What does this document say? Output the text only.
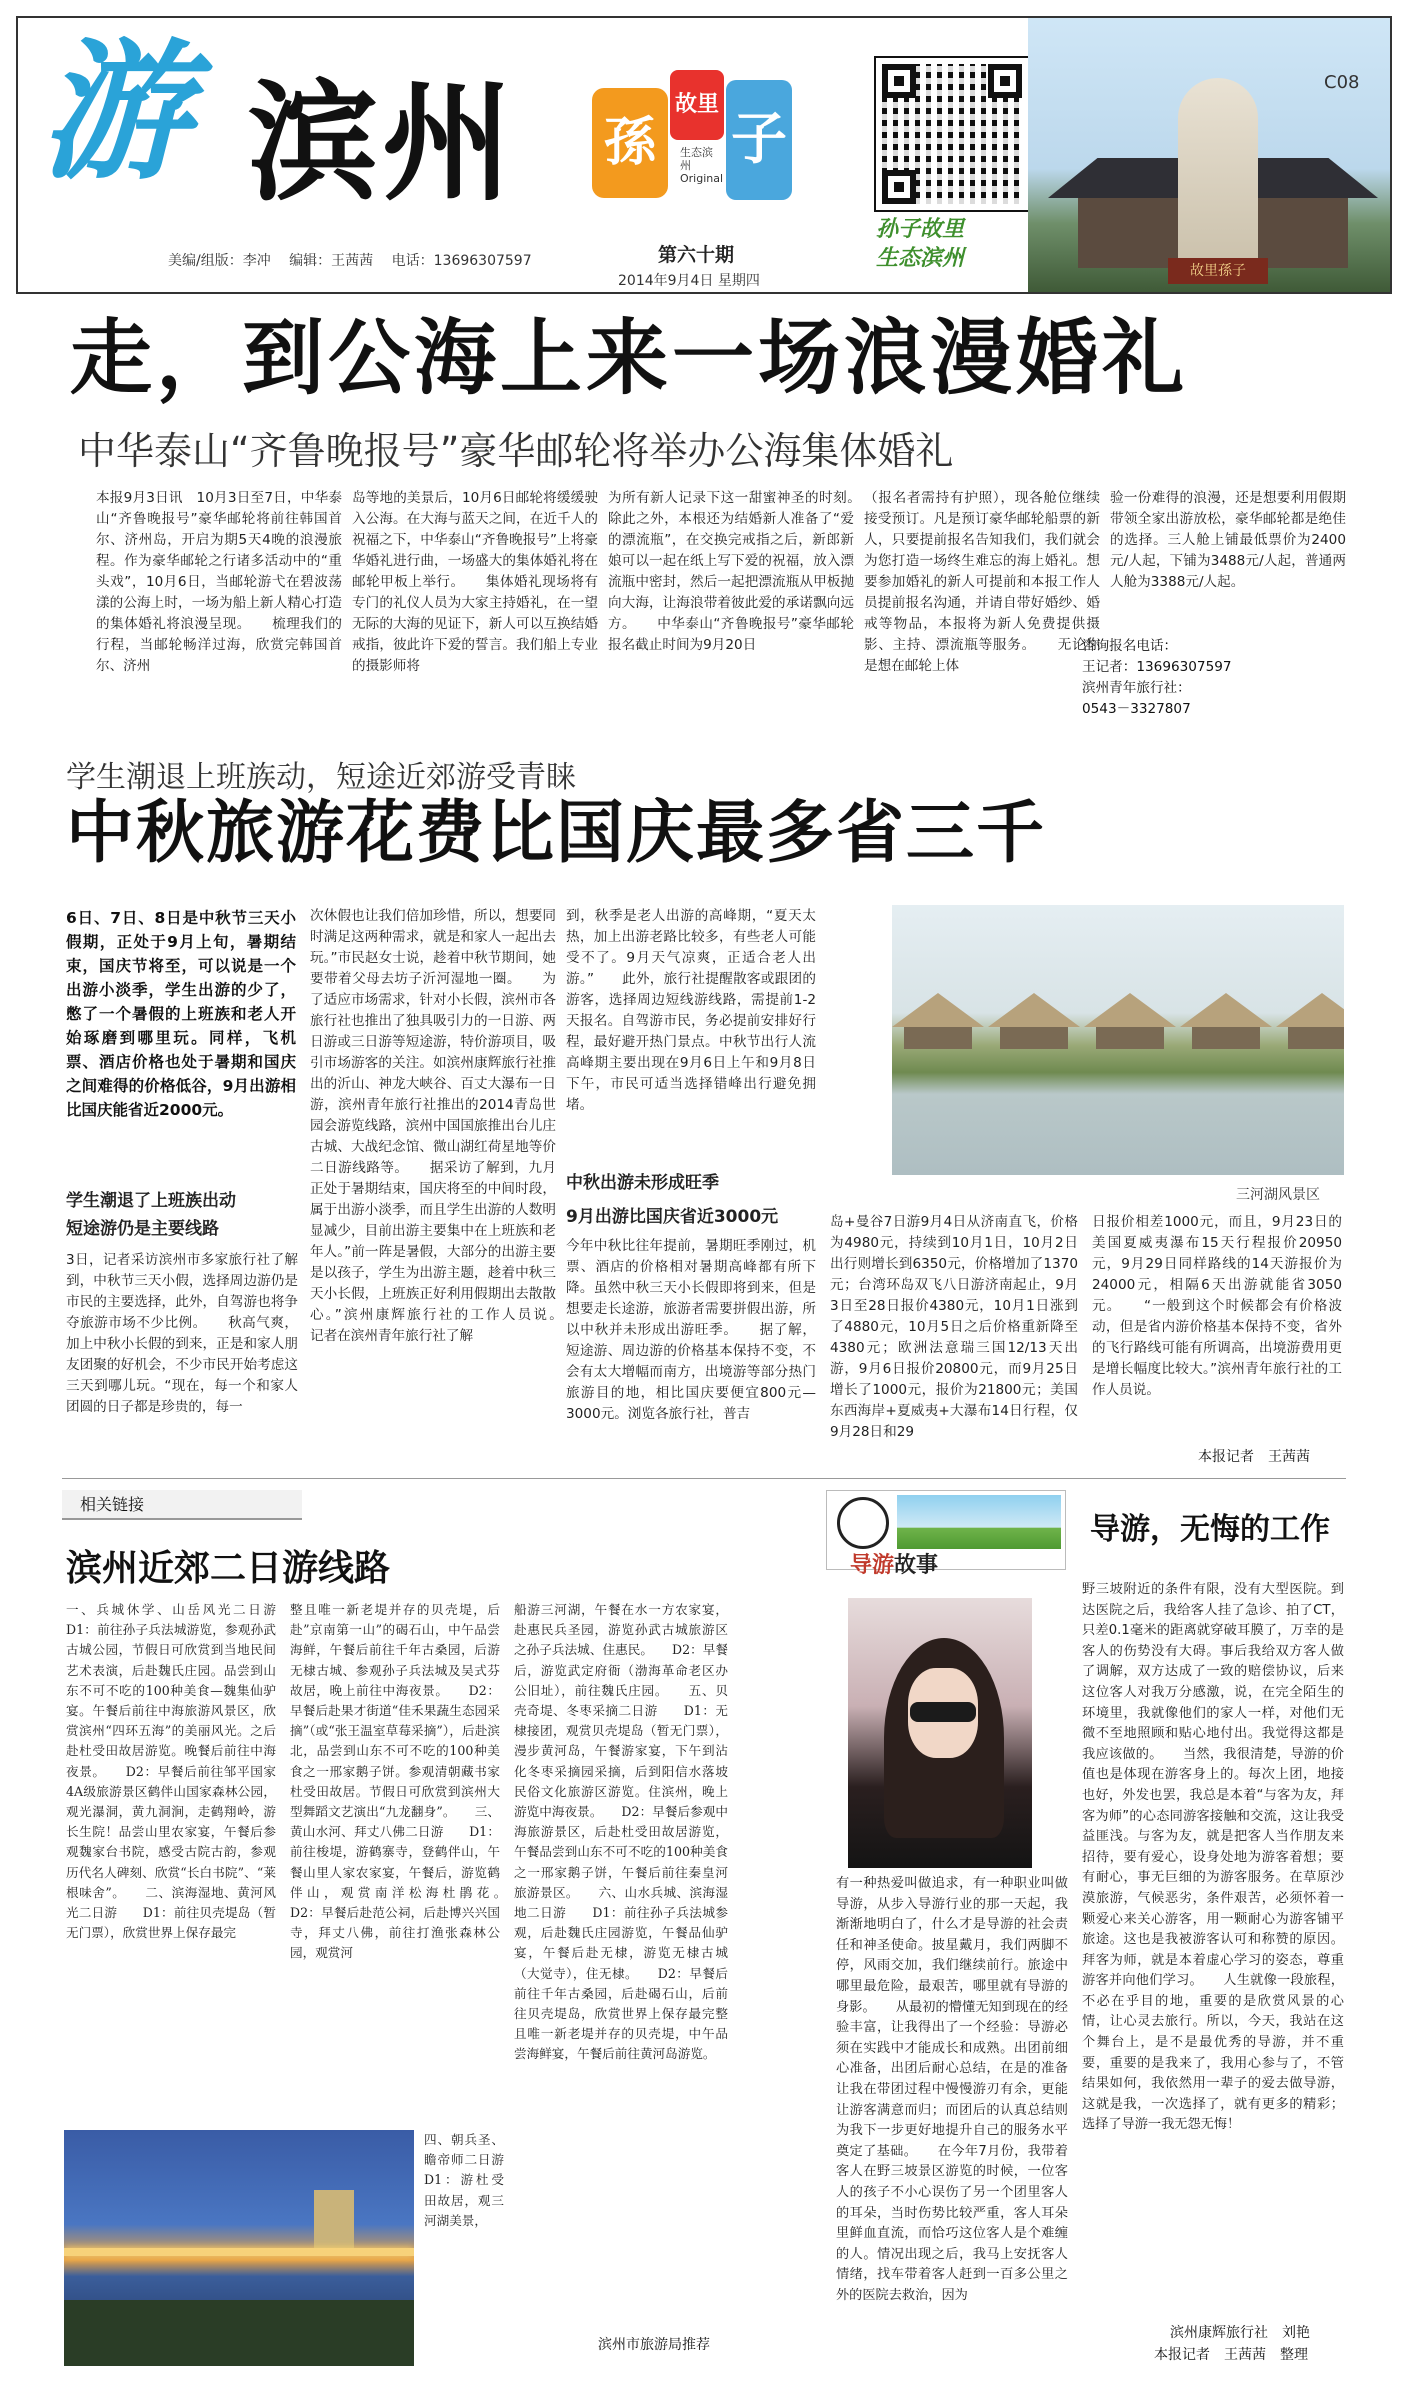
游 滨州
美编/组版：李冲 编辑：王茜茜 电话：13696307597
孫
故里
子
生态滨州 Original
第六十期
2014年9月4日 星期四
孙子故里
生态滨州
故里孫子
C08
走，到公海上来一场浪漫婚礼
中华泰山“齐鲁晚报号”豪华邮轮将举办公海集体婚礼
本报9月3日讯　10月3日至7日，中华泰山“齐鲁晚报号”豪华邮轮将前往韩国首尔、济州岛，开启为期5天4晚的浪漫旅程。作为豪华邮轮之行诸多活动中的“重头戏”，10月6日，当邮轮游弋在碧波荡漾的公海上时，一场为船上新人精心打造的集体婚礼将浪漫呈现。　　梳理我们的行程，当邮轮畅洋过海，欣赏完韩国首尔、济州
岛等地的美景后，10月6日邮轮将缓缓驶入公海。在大海与蓝天之间，在近千人的祝福之下，中华泰山“齐鲁晚报号”上将豪华婚礼进行曲，一场盛大的集体婚礼将在邮轮甲板上举行。　　集体婚礼现场将有专门的礼仪人员为大家主持婚礼，在一望无际的大海的见证下，新人可以互换结婚戒指，彼此许下爱的誓言。我们船上专业的摄影师将
为所有新人记录下这一甜蜜神圣的时刻。　　除此之外，本根还为结婚新人准备了“爱的漂流瓶”，在交换完戒指之后，新郎新娘可以一起在纸上写下爱的祝福，放入漂流瓶中密封，然后一起把漂流瓶从甲板抛向大海，让海浪带着彼此爱的承诺飘向远方。　　中华泰山“齐鲁晚报号”豪华邮轮报名截止时间为9月20日
（报名者需持有护照），现各舱位继续接受预订。凡是预订豪华邮轮船票的新人，只要提前报名告知我们，我们就会为您打造一场终生难忘的海上婚礼。想要参加婚礼的新人可提前和本报工作人员提前报名沟通，并请自带好婚纱、婚戒等物品，本报将为新人免费提供摄影、主持、漂流瓶等服务。　　无论你是想在邮轮上体
验一份难得的浪漫，还是想要利用假期带领全家出游放松，豪华邮轮都是绝佳的选择。三人舱上铺最低票价为2400元/人起，下铺为3488元/人起，普通两人舱为3388元/人起。
咨询报名电话：
王记者：13696307597
滨州青年旅行社：
0543－3327807
学生潮退上班族动，短途近郊游受青睐
中秋旅游花费比国庆最多省三千
6日、7日、8日是中秋节三天小假期，正处于9月上旬，暑期结束，国庆节将至，可以说是一个出游小淡季，学生出游的少了，憋了一个暑假的上班族和老人开始琢磨到哪里玩。同样，飞机票、酒店价格也处于暑期和国庆之间难得的价格低谷，9月出游相比国庆能省近2000元。
学生潮退了上班族出动
短途游仍是主要线路
3日，记者采访滨州市多家旅行社了解到，中秋节三天小假，选择周边游仍是市民的主要选择，此外，自驾游也将争夺旅游市场不少比例。　　秋高气爽，加上中秋小长假的到来，正是和家人朋友团聚的好机会，不少市民开始考虑这三天到哪儿玩。“现在，每一个和家人团圆的日子都是珍贵的，每一
次休假也让我们倍加珍惜，所以，想要同时满足这两种需求，就是和家人一起出去玩。”市民赵女士说，趁着中秋节期间，她要带着父母去坊子沂河湿地一圈。　　为了适应市场需求，针对小长假，滨州市各旅行社也推出了独具吸引力的一日游、两日游或三日游等短途游，特价游项目，吸引市场游客的关注。如滨州康辉旅行社推出的沂山、神龙大峡谷、百丈大瀑布一日游，滨州青年旅行社推出的2014青岛世园会游览线路，滨州中国国旅推出台儿庄古城、大战纪念馆、微山湖红荷星地等价二日游线路等。　　据采访了解到，九月正处于暑期结束，国庆将至的中间时段，属于出游小淡季，而且学生出游的人数明显减少，目前出游主要集中在上班族和老年人。”前一阵是暑假，大部分的出游主要是以孩子，学生为出游主题，趁着中秋三天小长假，上班族正好利用假期出去散散心。”滨州康辉旅行社的工作人员说。　　记者在滨州青年旅行社了解
到，秋季是老人出游的高峰期，“夏天太热，加上出游老路比较多，有些老人可能受不了。9月天气凉爽，正适合老人出游。”　　此外，旅行社提醒散客或跟团的游客，选择周边短线游线路，需提前1-2天报名。自驾游市民，务必提前安排好行程，最好避开热门景点。中秋节出行人流高峰期主要出现在9月6日上午和9月8日下午，市民可适当选择错峰出行避免拥堵。
中秋出游未形成旺季
9月出游比国庆省近3000元
今年中秋比往年提前，暑期旺季刚过，机票、酒店的价格相对暑期高峰都有所下降。虽然中秋三天小长假即将到来，但是想要走长途游，旅游者需要拼假出游，所以中秋并未形成出游旺季。　　据了解，短途游、周边游的价格基本保持不变，不会有太大增幅而南方，出境游等部分热门旅游目的地，相比国庆要便宜800元—3000元。浏览各旅行社，普吉
三河湖风景区
岛+曼谷7日游9月4日从济南直飞，价格为4980元，持续到10月1日，10月2日出行则增长到6350元，价格增加了1370元；台湾环岛双飞八日游济南起止，9月3日至28日报价4380元，10月1日涨到了4880元，10月5日之后价格重新降至4380元；欧洲法意瑞三国12/13天出游，9月6日报价20800元，而9月25日增长了1000元，报价为21800元；美国东西海岸+夏威夷+大瀑布14日行程，仅9月28日和29
日报价相差1000元，而且，9月23日的美国夏威夷瀑布15天行程报价20950元，9月29日同样路线的14天游报价为24000元，相隔6天出游就能省3050元。　　“一般到这个时候都会有价格波动，但是省内游价格基本保持不变，省外的飞行路线可能有所调高，出境游费用更是增长幅度比较大。”滨州青年旅行社的工作人员说。
本报记者　王茜茜
相关链接
滨州近郊二日游线路
一、兵城休学、山岳风光二日游　　D1：前往孙子兵法城游览，参观孙武古城公园，节假日可欣赏到当地民间艺术表演，后赴魏氏庄园。品尝到山东不可不吃的100种美食—魏集仙驴宴。午餐后前往中海旅游风景区，欣赏滨州“四环五海”的美丽风光。之后赴杜受田故居游览。晚餐后前往中海夜景。　　D2：早餐后前往邹平国家4A级旅游景区鹤伴山国家森林公园，观光瀑洞，黄九洞涧，走鹤翔岭，游长生院！品尝山里农家宴，午餐后参观魏家台书院，感受古院古韵，参观历代名人碑刻、欣赏“长白书院”、“莱根味舍”。　　二、滨海湿地、黄河风光二日游　　D1：前往贝壳堤岛（暂无门票），欣赏世界上保存最完
整且唯一新老堤并存的贝壳堤，后赴”京南第一山”的碣石山，中午品尝海鲜，午餐后前往千年古桑园，后游无棣古城、参观孙子兵法城及吴式芬故居，晚上前往中海夜景。　　D2：早餐后赴果才街道“佳禾果蔬生态园采摘”（或“张王温室草莓采摘”），后赴滨北，品尝到山东不可不吃的100种美食之一邢家鹅子饼。参观清朝藏书家杜受田故居。节假日可欣赏到滨州大型舞蹈文艺演出“九龙翻身”。　　三、黄山水河、拜丈八佛二日游　　D1：前往梭堤，游鹤寨寺，登鹤伴山，午餐山里人家农家宴，午餐后，游览鹤伴山，观赏南洋松海杜鹃花。　　D2：早餐后赴范公祠，后赴博兴兴国寺，拜丈八佛，前往打渔张森林公园，观赏河
船游三河湖，午餐在水一方农家宴，赴惠民兵圣园，游览孙武古城旅游区之孙子兵法城、住惠民。　　D2：早餐后，游览武定府衙（渤海革命老区办公旧址），前往魏氏庄园。　　五、贝壳奇堤、冬枣采摘二日游　　D1：无棣接团，观赏贝壳堤岛（暂无门票），漫步黄河岛，午餐游家宴，下午到沾化冬枣采摘园采摘，后到阳信水落坡民俗文化旅游区游览。住滨州，晚上游览中海夜景。　　D2：早餐后参观中海旅游景区，后赴杜受田故居游览，午餐品尝到山东不可不吃的100种美食之一邢家鹅子饼，午餐后前往秦皇河旅游景区。　　六、山水兵城、滨海湿地二日游　　D1：前往孙子兵法城参观，后赴魏氏庄园游览，午餐品仙驴宴，午餐后赴无棣，游览无棣古城（大觉寺），住无棣。　　D2：早餐后前往千年古桑园，后赴碣石山，后前往贝壳堤岛，欣赏世界上保存最完整且唯一新老堤并存的贝壳堤，中午品尝海鲜宴，午餐后前往黄河岛游览。
四、朝兵圣、瞻帝师二日游　　D1：游杜受田故居，观三河湖美景，
滨州市旅游局推荐
导游故事
导游，无悔的工作
有一种热爱叫做追求，有一种职业叫做导游，从步入导游行业的那一天起，我渐渐地明白了，什么才是导游的社会责任和神圣使命。披星戴月，我们两脚不停，风雨交加，我们继续前行。旅途中哪里最危险，最艰苦，哪里就有导游的身影。　　从最初的懵懂无知到现在的经验丰富，让我得出了一个经验：导游必须在实践中才能成长和成熟。出团前细心准备，出团后耐心总结，在是的准备让我在带团过程中慢慢游刃有余，更能让游客满意而归；而团后的认真总结则为我下一步更好地提升自己的服务水平奠定了基础。　　在今年7月份，我带着客人在野三坡景区游览的时候，一位客人的孩子不小心误伤了另一个团里客人的耳朵，当时伤势比较严重，客人耳朵里鲜血直流，而恰巧这位客人是个难缠的人。情况出现之后，我马上安抚客人情绪，找车带着客人赶到一百多公里之外的医院去救治，因为
野三坡附近的条件有限，没有大型医院。到达医院之后，我给客人挂了急诊、拍了CT，只差0.1毫米的距离就穿破耳膜了，万幸的是客人的伤势没有大碍。事后我给双方客人做了调解，双方达成了一致的赔偿协议，后来这位客人对我万分感激，说，在完全陌生的环境里，我就像他们的家人一样，对他们无微不至地照顾和贴心地付出。我觉得这都是我应该做的。　　当然，我很清楚，导游的价值也是体现在游客身上的。每次上团，地接也好，外发也罢，我总是本着“与客为友，拜客为师”的心态同游客接触和交流，这让我受益匪浅。与客为友，就是把客人当作朋友来招待，要有爱心，设身处地为游客着想；要有耐心，事无巨细的为游客服务。在草原沙漠旅游，气候恶劣，条件艰苦，必须怀着一颗爱心来关心游客，用一颗耐心为游客铺平旅途。这也是我被游客认可和称赞的原因。拜客为师，就是本着虚心学习的姿态，尊重游客并向他们学习。　　人生就像一段旅程，不必在乎目的地，重要的是欣赏风景的心情，让心灵去旅行。所以，今天，我站在这个舞台上，是不是最优秀的导游，并不重要，重要的是我来了，我用心参与了，不管结果如何，我依然用一辈子的爱去做导游，这就是我，一次选择了，就有更多的精彩；选择了导游一我无怨无悔！
滨州康辉旅行社　刘艳
本报记者　王茜茜　整理
